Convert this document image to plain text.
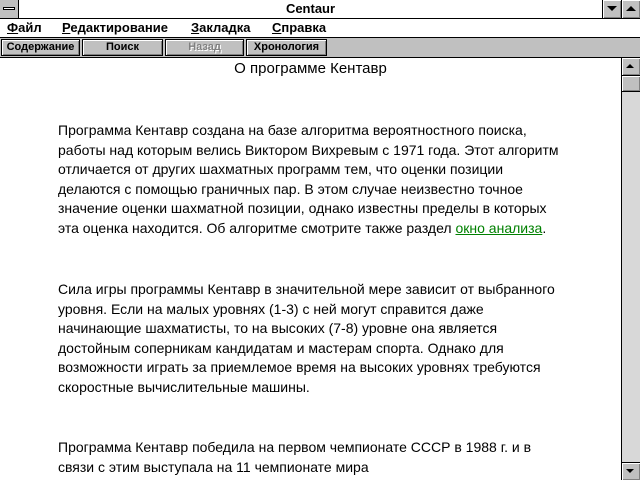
Centaur
Файл Редактирование Закладка Справка
Содержание	Поиск	Назад	Хронология
О программе Кентавр

Программа Кентавр создана на базе алгоритма вероятностного поиска, работы над которым велись Виктором Вихревым с 1971 года. Этот алгоритм отличается от других шахматных программ тем, что оценки позиции делаются с помощью граничных пар. В этом случае неизвестно точное значение оценки шахматной позиции, однако известны пределы в которых эта оценка находится. Об алгоритме смотрите также раздел окно анализа.

Сила игры программы Кентавр в значительной мере зависит от выбранного уровня. Если на малых уровнях (1-3) с ней могут справится даже начинающие шахматисты, то на высоких (7-8) уровне она является достойным соперникам кандидатам и мастерам спорта. Однако для возможности играть за приемлемое время на высоких уровнях требуются скоростные вычислительные машины.

Программа Кентавр победила на первом чемпионате СССР в 1988 г. и в связи с этим выступала на 11 чемпионате мира
